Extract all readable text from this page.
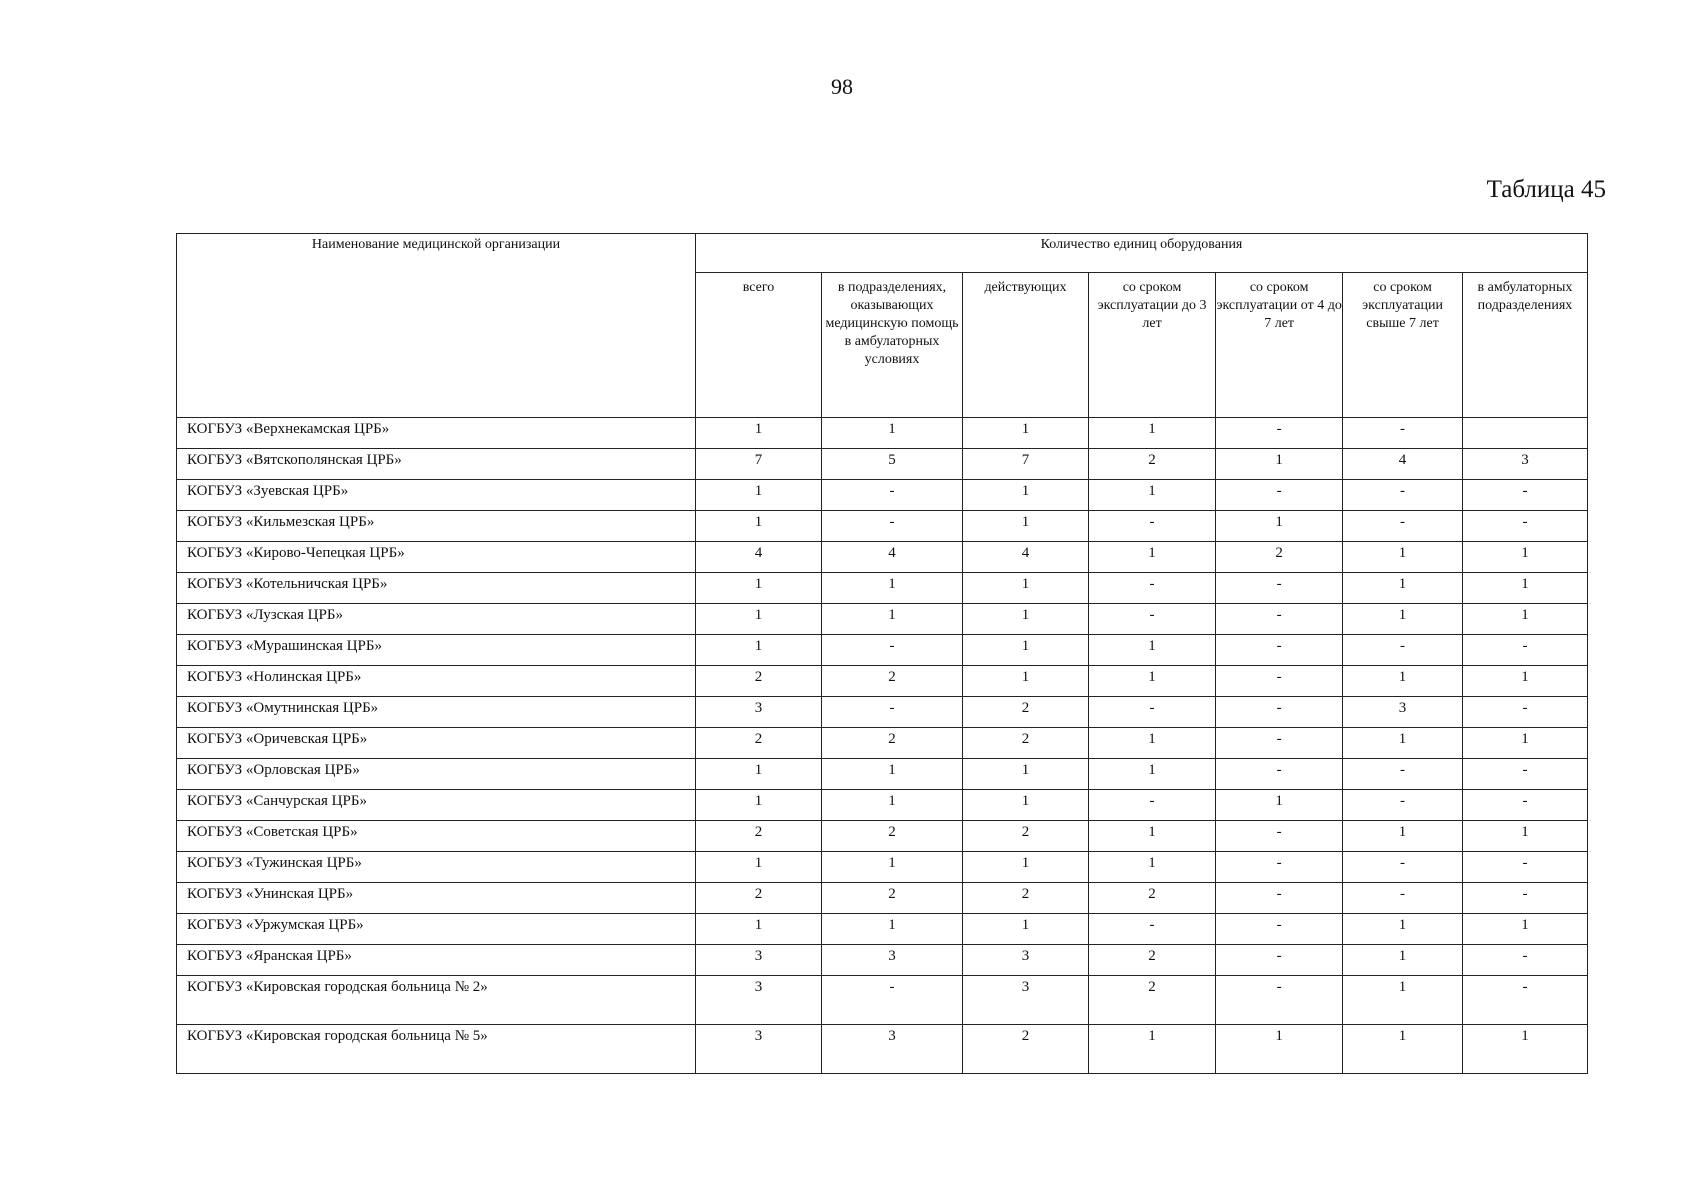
98
Таблица 45
Наименование медицинской организации	Количество единиц оборудования						
	всего	в подразделениях, оказывающих медицинскую помощь в амбулаторных условиях	действующих	со сроком эксплуатации до 3 лет	со сроком эксплуатации от 4 до 7 лет	со сроком эксплуатации свыше 7 лет	в амбулаторных подразделениях
КОГБУЗ «Верхнекамская ЦРБ»	1	1	1	1	-	-	
КОГБУЗ «Вятскополянская ЦРБ»	7	5	7	2	1	4	3
КОГБУЗ «Зуевская ЦРБ»	1	-	1	1	-	-	-
КОГБУЗ «Кильмезская ЦРБ»	1	-	1	-	1	-	-
КОГБУЗ «Кирово-Чепецкая ЦРБ»	4	4	4	1	2	1	1
КОГБУЗ «Котельничская ЦРБ»	1	1	1	-	-	1	1
КОГБУЗ «Лузская ЦРБ»	1	1	1	-	-	1	1
КОГБУЗ «Мурашинская ЦРБ»	1	-	1	1	-	-	-
КОГБУЗ «Нолинская ЦРБ»	2	2	1	1	-	1	1
КОГБУЗ «Омутнинская ЦРБ»	3	-	2	-	-	3	-
КОГБУЗ «Оричевская ЦРБ»	2	2	2	1	-	1	1
КОГБУЗ «Орловская ЦРБ»	1	1	1	1	-	-	-
КОГБУЗ «Санчурская ЦРБ»	1	1	1	-	1	-	-
КОГБУЗ «Советская ЦРБ»	2	2	2	1	-	1	1
КОГБУЗ «Тужинская ЦРБ»	1	1	1	1	-	-	-
КОГБУЗ «Унинская ЦРБ»	2	2	2	2	-	-	-
КОГБУЗ «Уржумская ЦРБ»	1	1	1	-	-	1	1
КОГБУЗ «Яранская ЦРБ»	3	3	3	2	-	1	-
КОГБУЗ «Кировская городская больница № 2»	3	-	3	2	-	1	-
КОГБУЗ «Кировская городская больница № 5»	3	3	2	1	1	1	1
